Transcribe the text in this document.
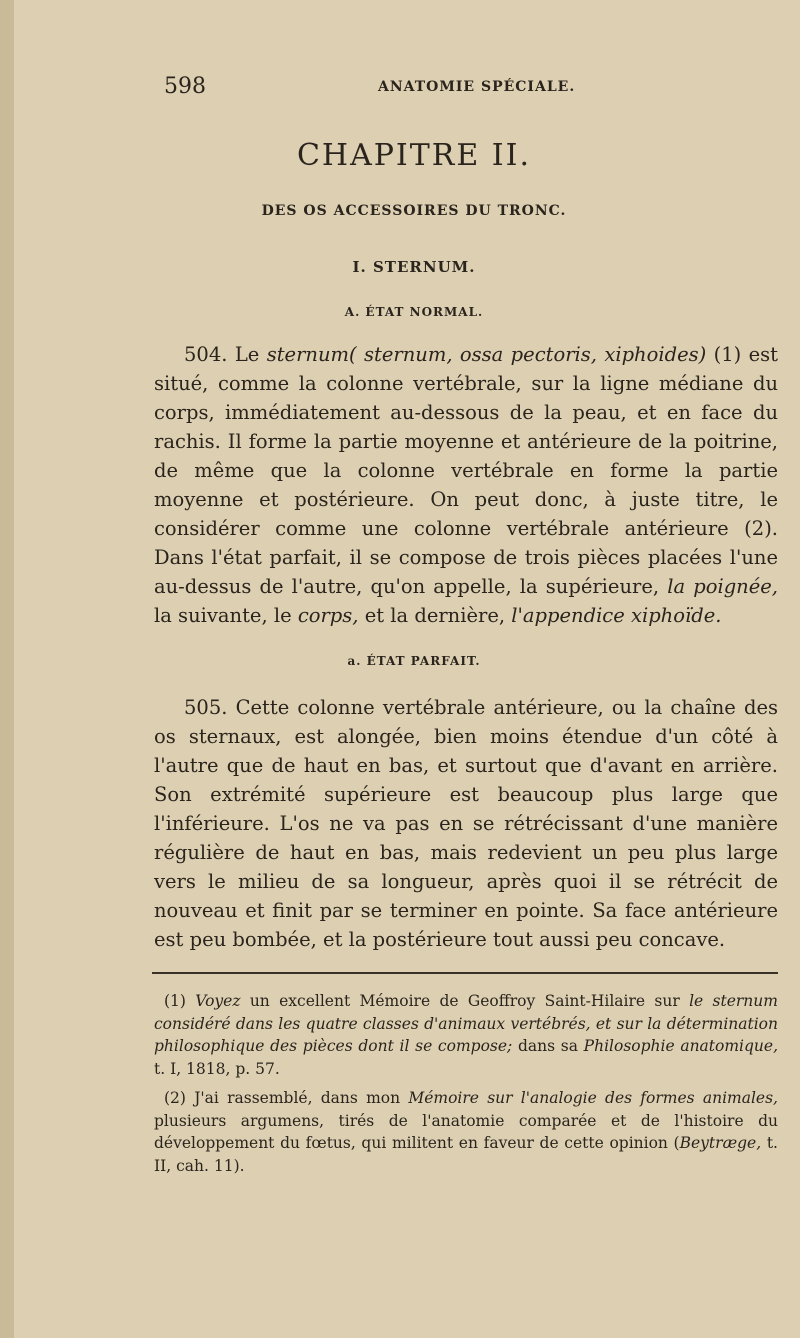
598	ANATOMIE SPÉCIALE.
CHAPITRE II.
DES OS ACCESSOIRES DU TRONC.
I. STERNUM.
A. ÉTAT NORMAL.
504. Le sternum( sternum, ossa pectoris, xiphoides) (1) est situé, comme la colonne vertébrale, sur la ligne médiane du corps, immédiatement au-dessous de la peau, et en face du rachis. Il forme la partie moyenne et antérieure de la poitrine, de même que la colonne vertébrale en forme la partie moyenne et postérieure. On peut donc, à juste titre, le considérer comme une colonne vertébrale antérieure (2). Dans l'état parfait, il se compose de trois pièces placées l'une au-dessus de l'autre, qu'on appelle, la supérieure, la poignée, la suivante, le corps, et la dernière, l'appendice xiphoïde.
a. ÉTAT PARFAIT.
505. Cette colonne vertébrale antérieure, ou la chaîne des os sternaux, est alongée, bien moins étendue d'un côté à l'autre que de haut en bas, et surtout que d'avant en arrière. Son extrémité supérieure est beaucoup plus large que l'inférieure. L'os ne va pas en se rétrécissant d'une manière régulière de haut en bas, mais redevient un peu plus large vers le milieu de sa longueur, après quoi il se rétrécit de nouveau et finit par se terminer en pointe. Sa face antérieure est peu bombée, et la postérieure tout aussi peu concave.
(1) Voyez un excellent Mémoire de Geoffroy Saint-Hilaire sur le sternum considéré dans les quatre classes d'animaux vertébrés, et sur la détermination philosophique des pièces dont il se compose; dans sa Philosophie anatomique, t. I, 1818, p. 57.
(2) J'ai rassemblé, dans mon Mémoire sur l'analogie des formes animales, plusieurs argumens, tirés de l'anatomie comparée et de l'histoire du développement du fœtus, qui militent en faveur de cette opinion (Beytræge, t. II, cah. 11).
